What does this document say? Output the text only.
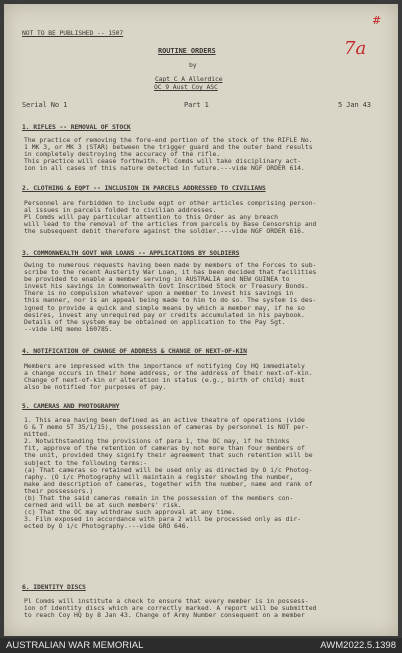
NOT TO BE PUBLISHED -- 1507
#
7a
ROUTINE ORDERS
by
Capt C A Allerdice
OC 9 Aust Coy ASC
Serial No 1	Part 1	5 Jan 43
1. RIFLES -- REMOVAL OF STOCK
The practice of removing the fore-end portion of the stock of the RIFLE No.
1 MK 3, or MK 3 (STAR) between the trigger guard and the outer band results
in completely destroying the accuracy of the rifle.
This practice will cease forthwith. Pl Comds will take disciplinary act-
ion in all cases of this nature detected in future.---vide NGF ORDER 614.
2. CLOTHING & EQPT -- INCLUSION IN PARCELS ADDRESSED TO CIVILIANS
Personnel are forbidden to include eqpt or other articles comprising person-
al issues in parcels folded to civilian addresses.
Pl Comds will pay particular attention to this Order as any breach
will lead to the removal of the articles from parcels by Base Censorship and
the subsequent debit therefore against the soldier.---vide NGF ORDER 616.
3. COMMONWEALTH GOVT WAR LOANS -- APPLICATIONS BY SOLDIERS
Owing to numerous requests having been made by members of the Forces to sub-
scribe to the recent Austerity War Loan, it has been decided that facilities
be provided to enable a member serving in AUSTRALIA and NEW GUINEA to
invest his savings in Commonwealth Govt Inscribed Stock or Treasury Bonds.
There is no compulsion whatever upon a member to invest his savings in
this manner, nor is an appeal being made to him to do so. The system is des-
igned to provide a quick and simple means by which a member may, if he so
desires, invest any unrequired pay or credits accumulated in his paybook.
Details of the system may be obtained on application to the Pay Sgt.
--vide LHQ memo 160785.
4. NOTIFICATION OF CHANGE OF ADDRESS & CHANGE OF NEXT-OF-KIN
Members are impressed with the importance of notifying Coy HQ immediately
a change occurs in their home address, or the address of their next-of-kin.
Change of next-of-kin or alteration in status (e.g., birth of child) must
also be notified for purposes of pay.
5. CAMERAS AND PHOTOGRAPHY
1. This area having been defined as an active theatre of operations (vide
G & T memo ST 35/1/15), the possession of cameras by personnel is NOT per-
mitted.
2. Notwithstanding the provisions of para 1, the OC may, if he thinks
fit, approve of the retention of cameras by not more than four members of
the unit, provided they signify their agreement that such retention will be
subject to the following terms:-
(a) That cameras so retained will be used only as directed by O i/c Photog-
raphy. (O i/c Photography will maintain a register showing the number,
make and description of cameras, together with the number, name and rank of
their possessors.)
(b) That the said cameras remain in the possession of the members con-
cerned and will be at such members' risk.
(c) That the OC may withdraw such approval at any time.
3. Film exposed in accordance with para 2 will be processed only as dir-
ected by O i/c Photography.---vide GRO 646.
6. IDENTITY DISCS
Pl Comds will institute a check to ensure that every member is in possess-
ion of identity discs which are correctly marked. A report will be submitted
to reach Coy HQ by 8 Jan 43. Change of Army Number consequent on a member
AUSTRALIAN WAR MEMORIAL	AWM2022.5.1398
